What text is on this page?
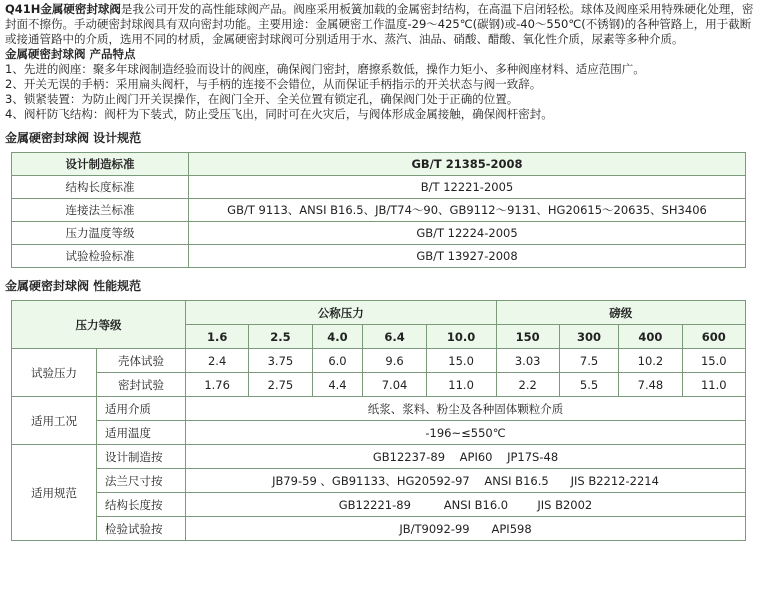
Q41H金属硬密封球阀是我公司开发的高性能球阀产品。阀座采用板簧加载的金属密封结构，在高温下启闭轻松。球体及阀座采用特殊硬化处理，密封面不擦伤。手动硬密封球阀具有双向密封功能。主要用途：金属硬密工作温度-29～425℃(碳钢)或-40～550℃(不锈钢)的各种管路上，用于截断或接通管路中的介质，选用不同的材质，金属硬密封球阀可分别适用于水、蒸汽、油品、硝酸、醋酸、氧化性介质，尿素等多种介质。

金属硬密封球阀 产品特点

1、先进的阀座：聚多年球阀制造经验而设计的阀座，确保阀门密封，磨擦系数低，操作力矩小、多种阀座材料、适应范围广。

2、开关无误的手柄：采用扁头阀杆，与手柄的连接不会错位，从而保证手柄指示的开关状态与阀一致辞。

3、锁紧装置：为防止阀门开关误操作，在阀门全开、全关位置有锁定孔，确保阀门处于正确的位置。

4、阀杆防飞结构：阀杆为下装式，防止受压飞出，同时可在火灾后，与阀体形成金属接触，确保阀杆密封。

金属硬密封球阀 设计规范
设计制造标准	GB/T 21385-2008
结构长度标准	B/T 12221-2005
连接法兰标准	GB/T 9113、ANSI B16.5、JB/T74～90、GB9112～9131、HG20615～20635、SH3406
压力温度等级	GB/T 12224-2005
试验检验标准	GB/T 13927-2008
金属硬密封球阀 性能规范
压力等级		公称压力					磅级			
		1.6	2.5	4.0	6.4	10.0	150	300	400	600
试验压力	壳体试验	2.4	3.75	6.0	9.6	15.0	3.03	7.5	10.2	15.0
	密封试验	1.76	2.75	4.4	7.04	11.0	2.2	5.5	7.48	11.0
适用工况	适用介质	纸浆、浆料、粉尘及各种固体颗粒介质								
	适用温度	-196~≤550℃								
适用规范	设计制造按	GB12237-89    API60    JP17S-48								
	法兰尺寸按	JB79-59 、GB91133、HG20592-97    ANSI B16.5      JIS B2212-2214								
	结构长度按	GB12221-89         ANSI B16.0        JIS B2002								
	检验试验按	JB/T9092-99      API598								
